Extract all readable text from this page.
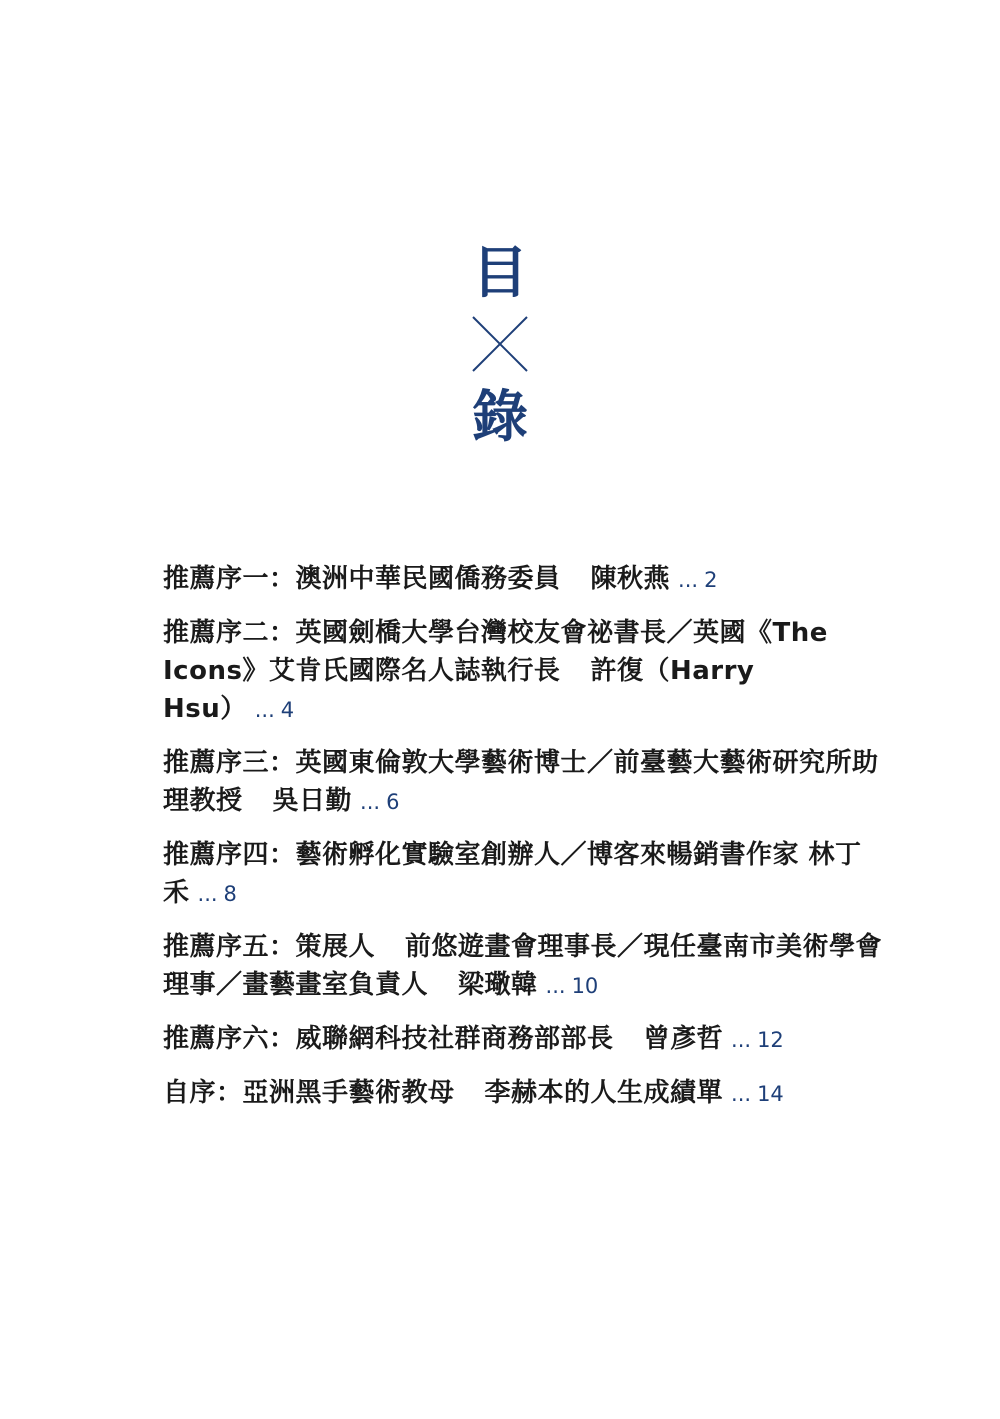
目
錄
推薦序一：澳洲中華民國僑務委員 陳秋燕 ... 2
推薦序二：英國劍橋大學台灣校友會祕書長／英國《The Icons》艾肯氏國際名人誌執行長 許復（Harry Hsu） ... 4
推薦序三：英國東倫敦大學藝術博士／前臺藝大藝術研究所助理教授 吳日勤 ... 6
推薦序四：藝術孵化實驗室創辦人／博客來暢銷書作家 林丁禾 ... 8
推薦序五：策展人 前悠遊畫會理事長／現任臺南市美術學會理事／畫藝畫室負責人 梁璥韓 ... 10
推薦序六：威聯網科技社群商務部部長 曾彥哲 ... 12
自序：亞洲黑手藝術教母 李赫本的人生成績單 ... 14
